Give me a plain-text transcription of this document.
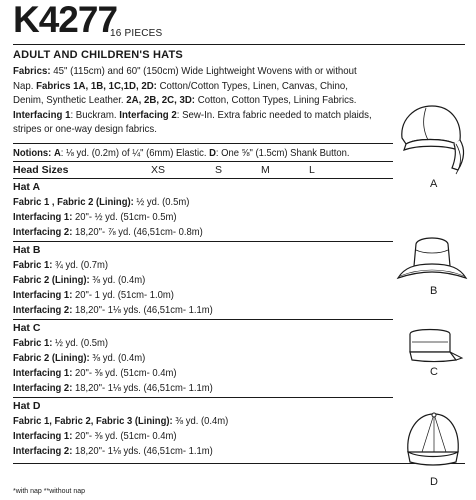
K4277
16 PIECES
ADULT AND CHILDREN'S HATS
Fabrics: 45" (115cm) and 60" (150cm) Wide Lightweight Wovens with or without Nap. Fabrics 1A, 1B, 1C,1D, 2D: Cotton/Cotton Types, Linen, Canvas, Chino, Denim, Synthetic Leather. 2A, 2B, 2C, 3D: Cotton, Cotton Types, Lining Fabrics. Interfacing 1: Buckram. Interfacing 2: Sew-In. Extra fabric needed to match plaids, stripes or one-way design fabrics.
Notions: A: ⅛ yd. (0.2m) of ¼" (6mm) Elastic. D: One ⅝" (1.5cm) Shank Button.
Head Sizes	XS	S	M	L
Hat A
Fabric 1 , Fabric 2 (Lining): ½ yd. (0.5m)
Interfacing 1: 20"- ½ yd. (51cm- 0.5m)
Interfacing 2: 18,20"- ⅞ yd. (46,51cm- 0.8m)
Hat B
Fabric 1: ¾ yd. (0.7m)
Fabric 2 (Lining): ⅜ yd. (0.4m)
Interfacing 1: 20"- 1 yd. (51cm- 1.0m)
Interfacing 2: 18,20"- 1⅛ yds. (46,51cm- 1.1m)
Hat C
Fabric 1: ½ yd. (0.5m)
Fabric 2 (Lining): ⅜ yd. (0.4m)
Interfacing 1: 20"- ⅜ yd. (51cm- 0.4m)
Interfacing 2: 18,20"- 1⅛ yds. (46,51cm- 1.1m)
Hat D
Fabric 1, Fabric 2, Fabric 3 (Lining): ⅜ yd. (0.4m)
Interfacing 1: 20"- ⅜ yd. (51cm- 0.4m)
Interfacing 2: 18,20"- 1⅛ yds. (46,51cm- 1.1m)
*with nap **without nap
A
B
C
D
